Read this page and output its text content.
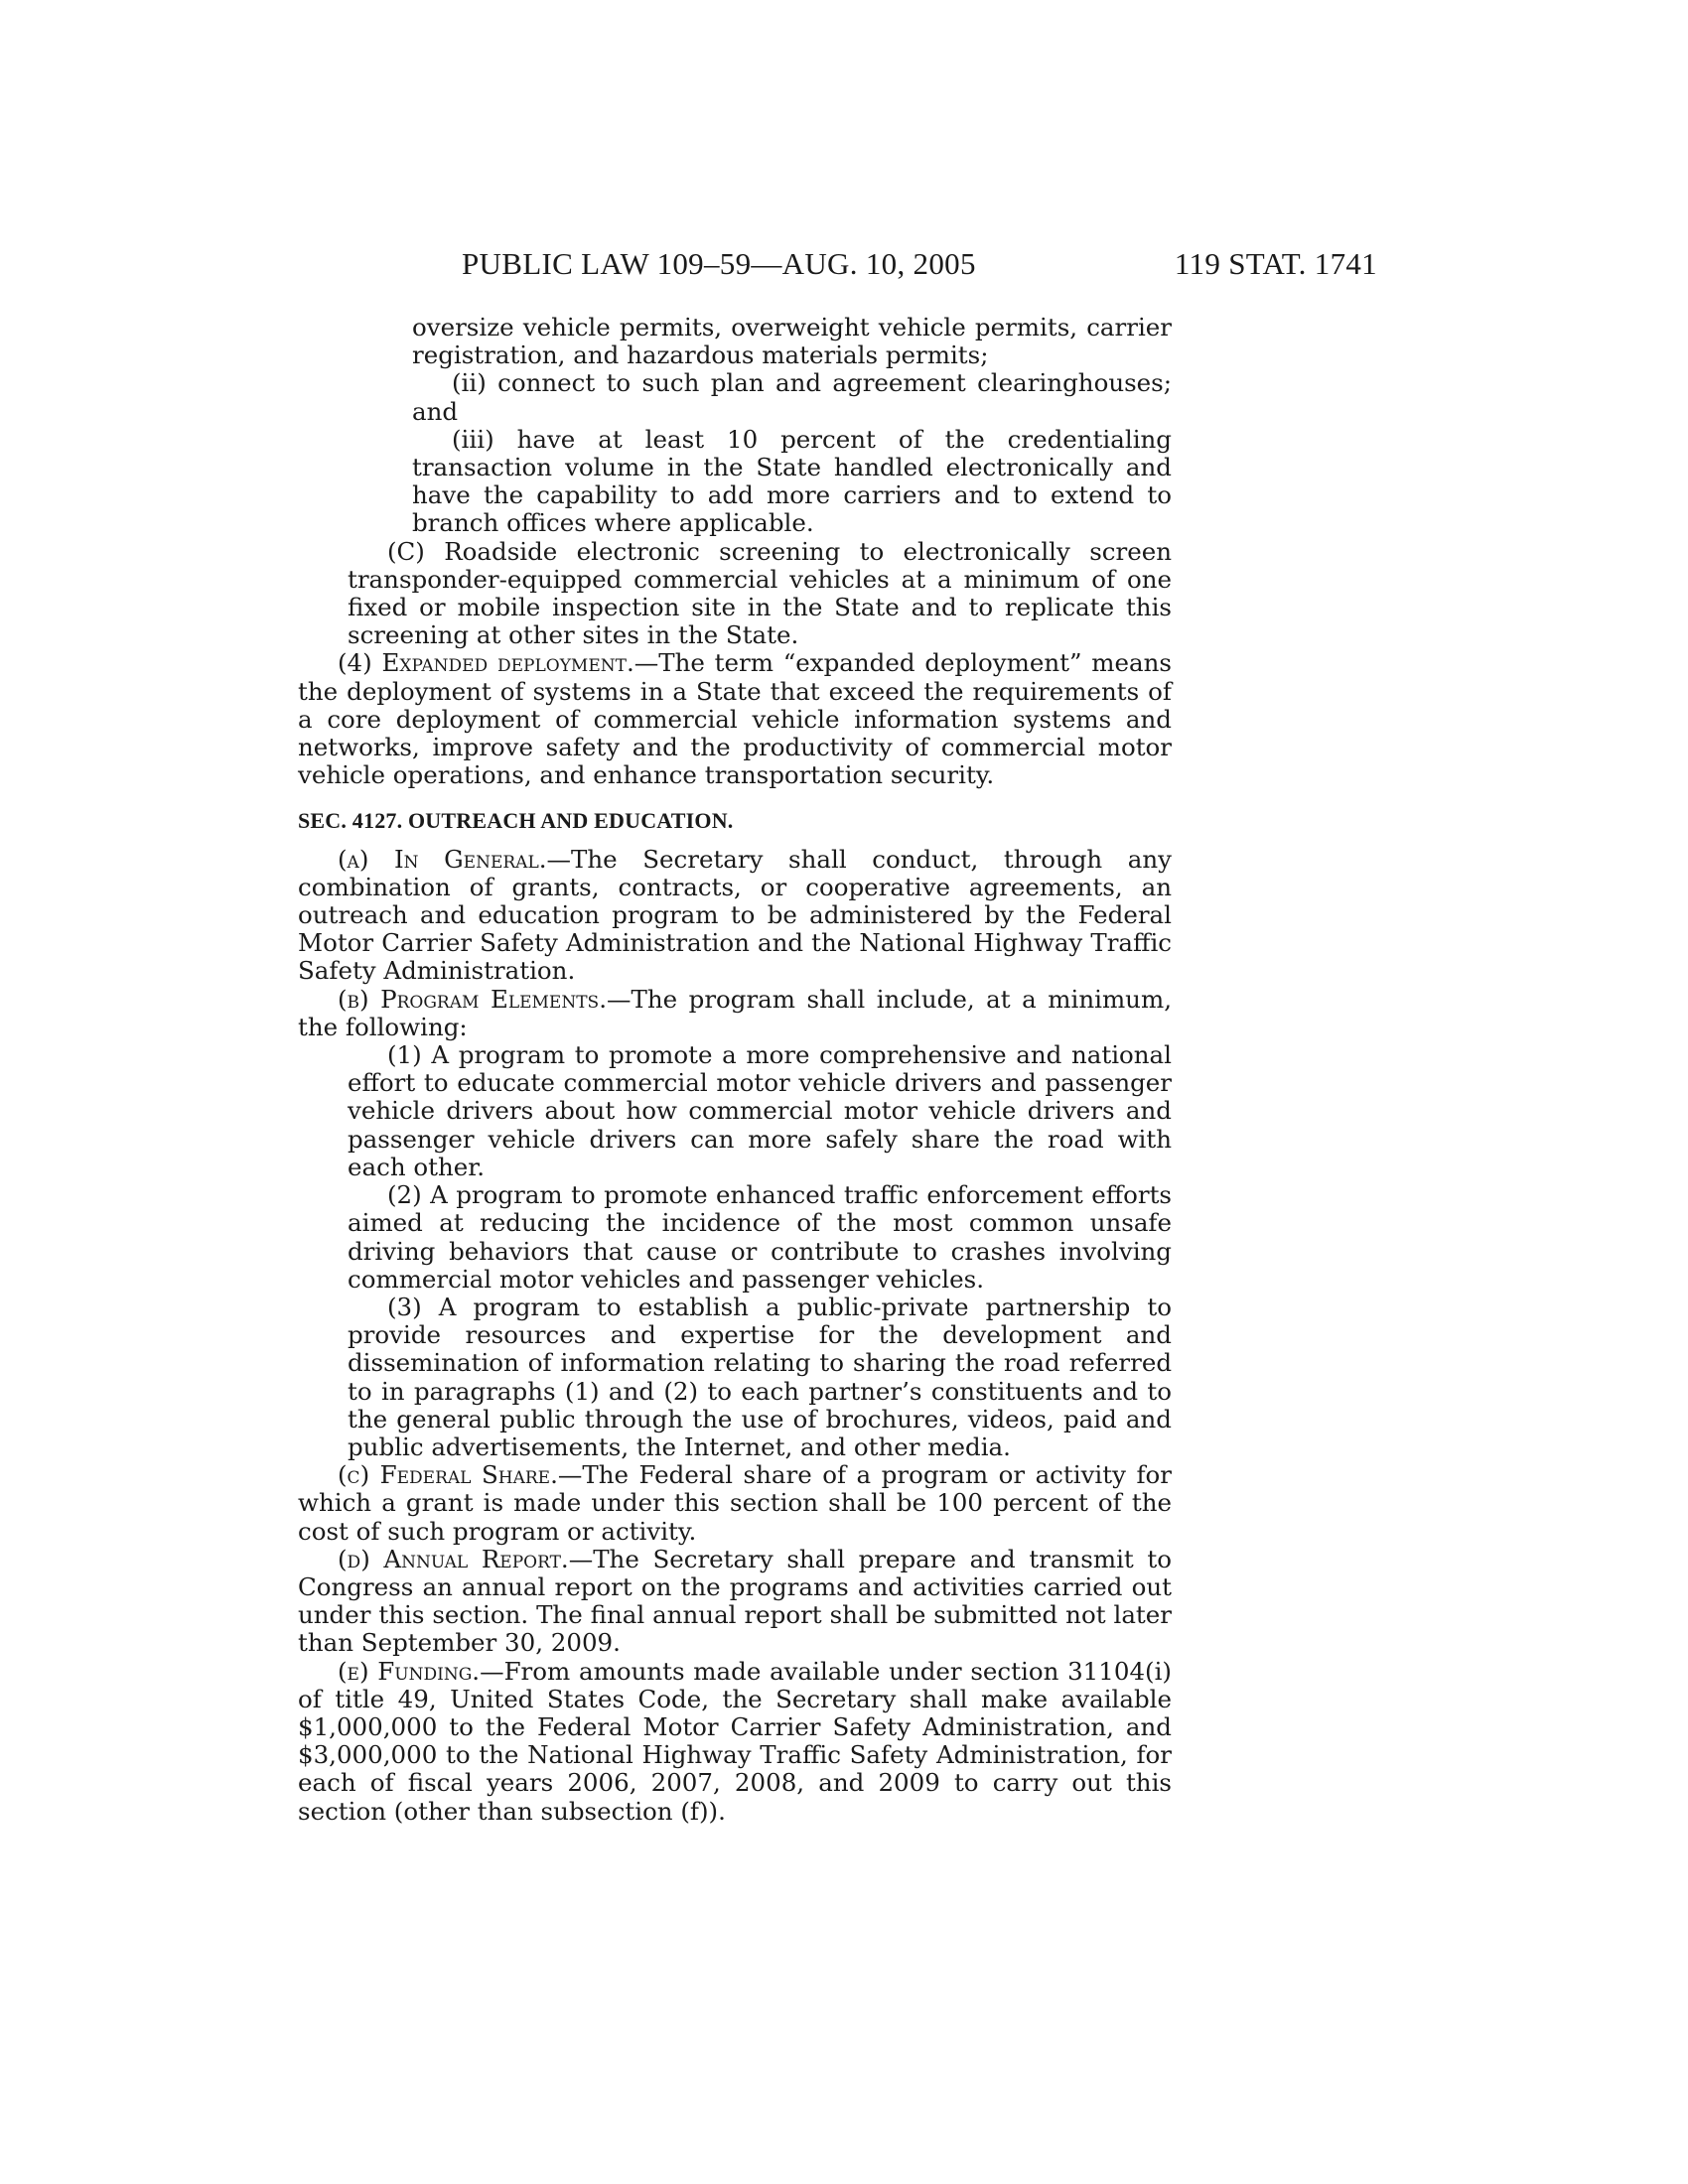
PUBLIC LAW 109–59—AUG. 10, 2005	119 STAT. 1741

oversize vehicle permits, overweight vehicle permits, carrier registration, and hazardous materials permits;

(ii) connect to such plan and agreement clearinghouses; and

(iii) have at least 10 percent of the credentialing transaction volume in the State handled electronically and have the capability to add more carriers and to extend to branch offices where applicable.

(C) Roadside electronic screening to electronically screen transponder-equipped commercial vehicles at a minimum of one fixed or mobile inspection site in the State and to replicate this screening at other sites in the State.

(4) Expanded deployment.—The term “expanded deployment” means the deployment of systems in a State that exceed the requirements of a core deployment of commercial vehicle information systems and networks, improve safety and the productivity of commercial motor vehicle operations, and enhance transportation security.

SEC. 4127. OUTREACH AND EDUCATION.

(a) In General.—The Secretary shall conduct, through any combination of grants, contracts, or cooperative agreements, an outreach and education program to be administered by the Federal Motor Carrier Safety Administration and the National Highway Traffic Safety Administration.

(b) Program Elements.—The program shall include, at a minimum, the following:

(1) A program to promote a more comprehensive and national effort to educate commercial motor vehicle drivers and passenger vehicle drivers about how commercial motor vehicle drivers and passenger vehicle drivers can more safely share the road with each other.

(2) A program to promote enhanced traffic enforcement efforts aimed at reducing the incidence of the most common unsafe driving behaviors that cause or contribute to crashes involving commercial motor vehicles and passenger vehicles.

(3) A program to establish a public-private partnership to provide resources and expertise for the development and dissemination of information relating to sharing the road referred to in paragraphs (1) and (2) to each partner’s constituents and to the general public through the use of brochures, videos, paid and public advertisements, the Internet, and other media.

(c) Federal Share.—The Federal share of a program or activity for which a grant is made under this section shall be 100 percent of the cost of such program or activity.

(d) Annual Report.—The Secretary shall prepare and transmit to Congress an annual report on the programs and activities carried out under this section. The final annual report shall be submitted not later than September 30, 2009.

(e) Funding.—From amounts made available under section 31104(i) of title 49, United States Code, the Secretary shall make available $1,000,000 to the Federal Motor Carrier Safety Administration, and $3,000,000 to the National Highway Traffic Safety Administration, for each of fiscal years 2006, 2007, 2008, and 2009 to carry out this section (other than subsection (f)).
